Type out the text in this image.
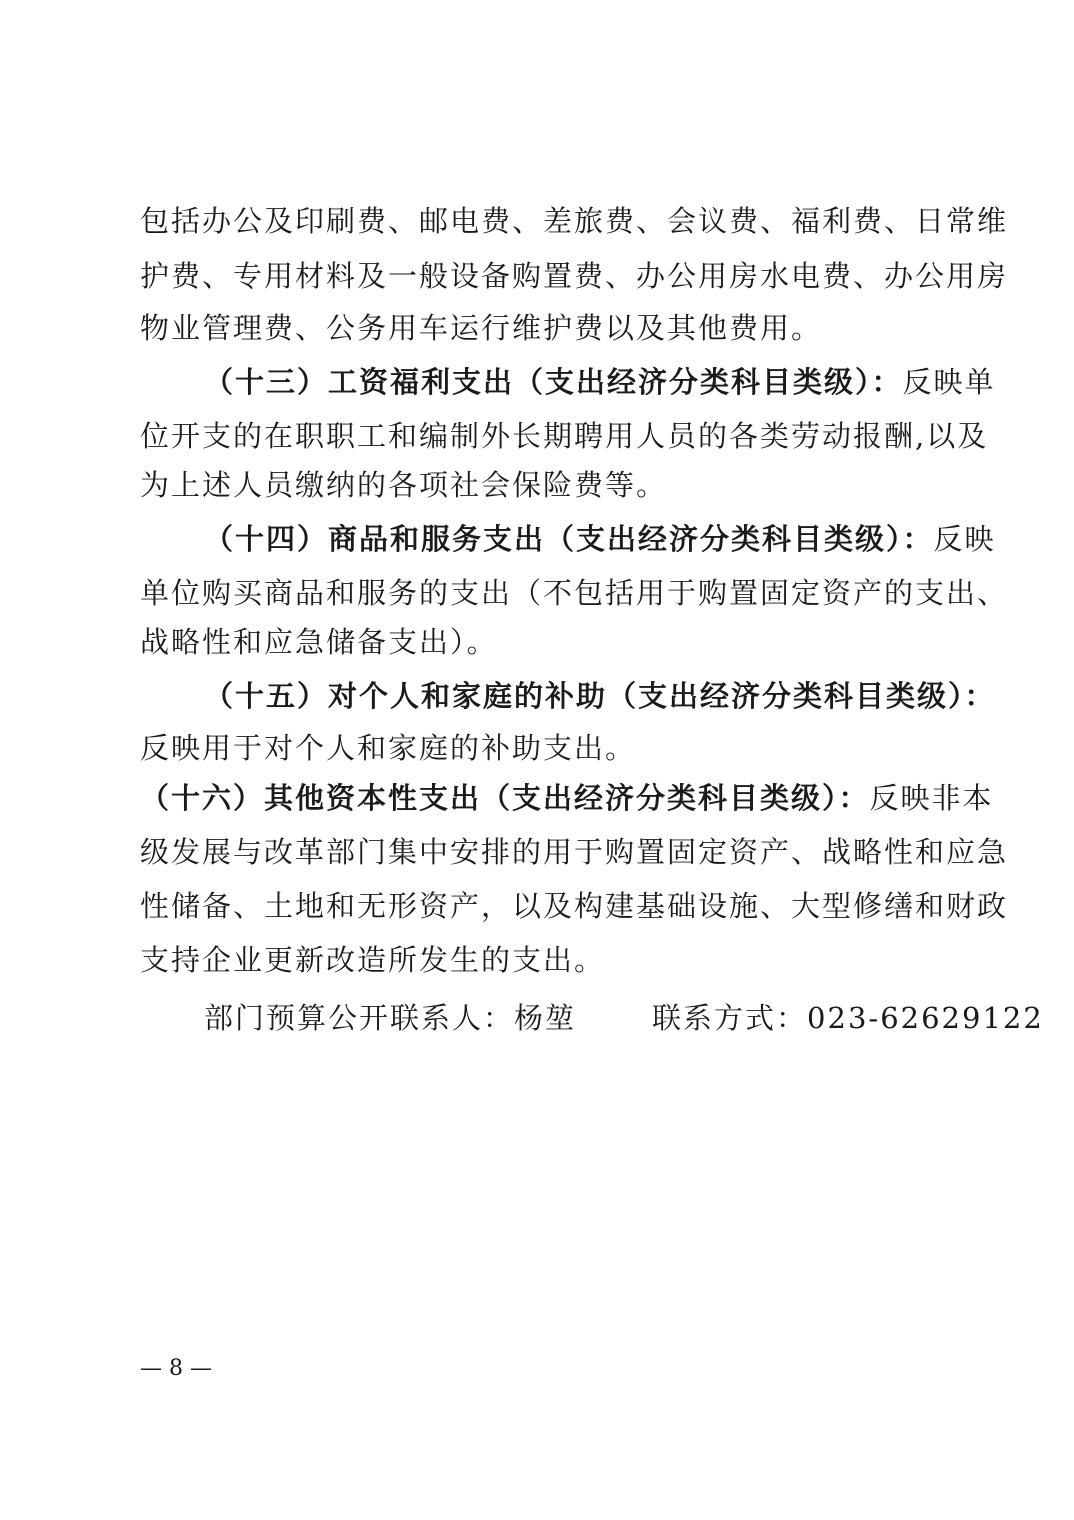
包括办公及印刷费、邮电费、差旅费、会议费、福利费、日常维
护费、专用材料及一般设备购置费、办公用房水电费、办公用房
物业管理费、公务用车运行维护费以及其他费用。
（十三）工资福利支出（支出经济分类科目类级）：反映单
位开支的在职职工和编制外长期聘用人员的各类劳动报酬,以及
为上述人员缴纳的各项社会保险费等。
（十四）商品和服务支出（支出经济分类科目类级）：反映
单位购买商品和服务的支出（不包括用于购置固定资产的支出、
战略性和应急储备支出）。
（十五）对个人和家庭的补助（支出经济分类科目类级）：
反映用于对个人和家庭的补助支出。
（十六）其他资本性支出（支出经济分类科目类级）：反映非本
级发展与改革部门集中安排的用于购置固定资产、战略性和应急
性储备、土地和无形资产，以及构建基础设施、大型修缮和财政
支持企业更新改造所发生的支出。
部门预算公开联系人：杨堃	联系方式：023-62629122
— 8 —
